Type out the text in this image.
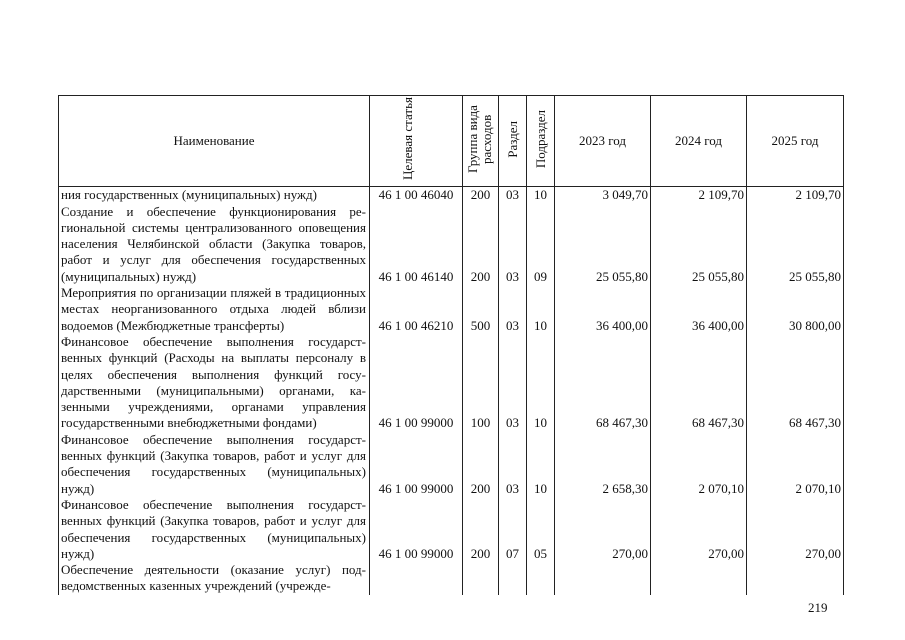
Наименование	Целевая статья	Группа вида расходов	Раздел	Подраздел	2023 год	2024 год	2025 год
ния государственных (муниципальных) нужд)	46 1 00 46040	200	03	10	3 049,70	2 109,70	2 109,70
Создание и обеспечение функционирования региональной системы централизованного оповещения населения Челябинской области (Закупка товаров, работ и услуг для обеспечения государственных (муниципальных) нужд)	46 1 00 46140	200	03	09	25 055,80	25 055,80	25 055,80
Мероприятия по организации пляжей в традиционных местах неорганизованного отдыха людей вблизи водоемов (Межбюджетные трансферты)	46 1 00 46210	500	03	10	36 400,00	36 400,00	30 800,00
Финансовое обеспечение выполнения государственных функций (Расходы на выплаты персоналу в целях обеспечения выполнения функций государственными (муниципальными) органами, казенными учреждениями, органами управления государственными внебюджетными фондами)	46 1 00 99000	100	03	10	68 467,30	68 467,30	68 467,30
Финансовое обеспечение выполнения государственных функций (Закупка товаров, работ и услуг для обеспечения государственных (муниципальных) нужд)	46 1 00 99000	200	03	10	2 658,30	2 070,10	2 070,10
Финансовое обеспечение выполнения государственных функций (Закупка товаров, работ и услуг для обеспечения государственных (муниципальных) нужд)	46 1 00 99000	200	07	05	270,00	270,00	270,00
Обеспечение деятельности (оказание услуг) подведомственных казенных учреждений (учрежде-							
219
